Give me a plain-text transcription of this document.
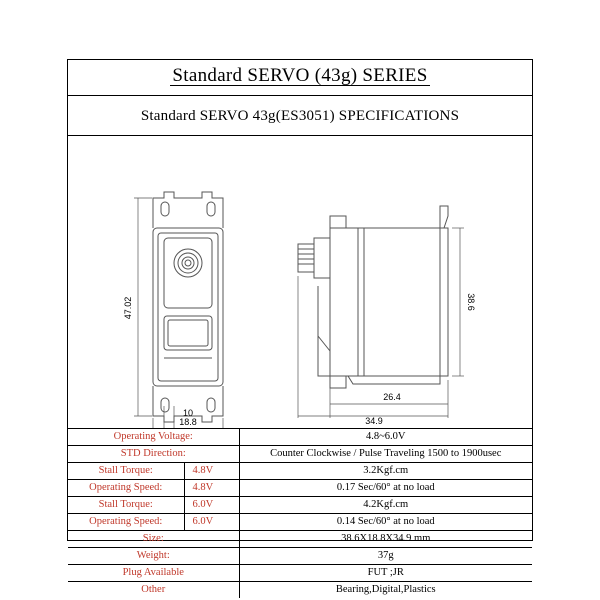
Standard SERVO (43g) SERIES
Standard SERVO 43g(ES3051) SPECIFICATIONS
47.02
10
18.8
38.6
26.4
34.9
Operating Voltage:		4.8~6.0V
STD Direction:		Counter Clockwise / Pulse Traveling 1500 to 1900usec
Stall Torque:	4.8V	3.2Kgf.cm
Operating Speed:	4.8V	0.17 Sec/60° at no load
Stall Torque:	6.0V	4.2Kgf.cm
Operating Speed:	6.0V	0.14 Sec/60° at no load
Size:		38.6X18.8X34.9 mm
Weight:		37g
Plug Available		FUT ;JR
Other		Bearing,Digital,Plastics
